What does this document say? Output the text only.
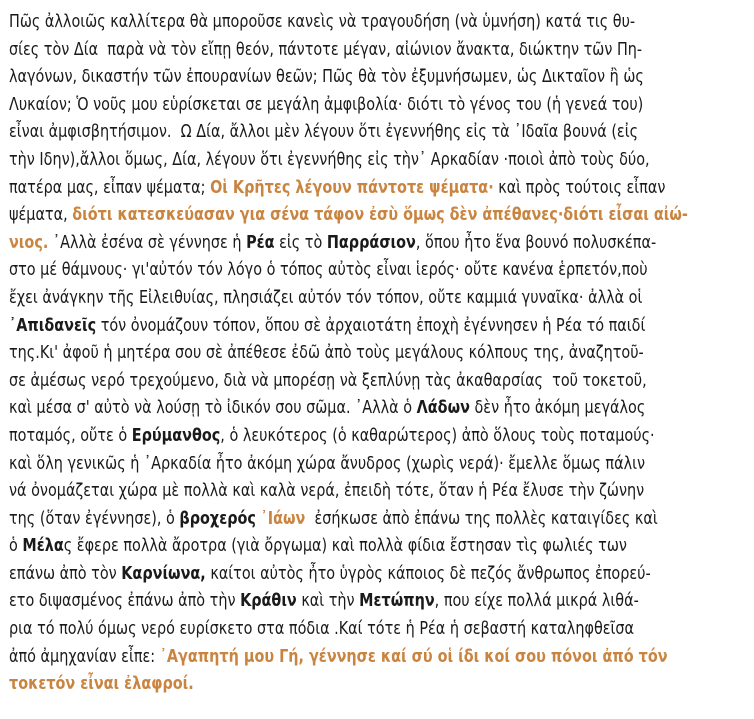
Πῶς ἀλλοιῶς καλλίτερα θὰ μποροῦσε κανεὶς νὰ τραγουδήση (νὰ ὑμνήση) κατά τις θυ-
σίες τὸν Δία  παρὰ νὰ τὸν εἴπῃ θεόν, πάντοτε μέγαν, αἰώνιον ἄνακτα, διώκτην τῶν Πη-
λαγόνων, δικαστήν τῶν ἐπουρανίων θεῶν; Πῶς θὰ τὸν ἐξυμνήσωμεν, ὡς Δικταῖον ἢ ὡς
Λυκαίον; Ὁ νοῦς μου εὑρίσκεται σε μεγάλη ἀμφιβολία· διότι τὸ γένος του (ἡ γενεά του)
εἶναι ἀμφισβητήσιμον.  Ω Δία, ἄλλοι μὲν λέγουν ὅτι ἐγεννήθης εἰς τὰ ᾽Ιδαῖα βουνά (εἰς
τὴν Ιδην),ἄλλοι ὅμως, Δία, λέγουν ὅτι ἐγεννήθης εἰς τὴν᾽ Αρκαδίαν ·ποιοὶ ἀπὸ τοὺς δύο,
πατέρα μας, εἶπαν ψέματα; Οἱ Κρῆτες λέγουν πάντοτε ψέματα· καὶ πρὸς τούτοις εἶπαν
ψέματα, διότι κατεσκεύασαν για σένα τάφον ἐσὺ ὅμως δὲν ἀπέθανες·διότι εἶσαι αἰώ-
νιος. ᾽Αλλὰ ἐσένα σὲ γέννησε ἡ Ρέα εἰς τὸ Παρράσιον, ὅπου ἦτο ἕνα βουνό πολυσκέπα-
στο μέ θάμνους· γι'αὐτόν τόν λόγο ὁ τόπος αὐτὸς εἶναι ἱερός· οὔτε κανένα ἑρπετόν,ποὺ
ἔχει ἀνάγκην τῆς Εἰλειθυίας, πλησιάζει αὐτόν τόν τόπον, οὔτε καμμιά γυναῖκα· ἀλλὰ οἱ
᾽Απιδανεῖς τόν ὀνομάζουν τόπον, ὅπου σὲ ἀρχαιοτάτη ἐποχὴ ἐγέννησεν ἡ Ρέα τό παιδί
της.Κι' ἀφοῦ ἡ μητέρα σου σὲ ἀπέθεσε ἐδῶ ἀπὸ τοὺς μεγάλους κόλπους της, ἀναζητοῦ-
σε ἀμέσως νερό τρεχούμενο, διὰ νὰ μπορέσῃ νὰ ξεπλύνῃ τὰς ἀκαθαρσίας  τοῦ τοκετοῦ,
καὶ μέσα σ' αὐτὸ νὰ λούσῃ τὸ ἰδικόν σου σῶμα. ᾽Αλλὰ ὁ Λάδων δὲν ἦτο ἀκόμη μεγάλος
ποταμός, οὔτε ὁ Ερύμανθος, ὁ λευκότερος (ὁ καθαρώτερος) ἀπὸ ὅλους τοὺς ποταμούς·
καὶ ὅλη γενικῶς ἡ ᾽Αρκαδία ἦτο ἀκόμη χώρα ἄνυδρος (χωρὶς νερά)· ἔμελλε ὅμως πάλιν
νά ὀνομάζεται χώρα μὲ πολλὰ καὶ καλὰ νερά, ἐπειδὴ τότε, ὅταν ἡ Ρέα ἔλυσε τὴν ζώνην
της (ὅταν ἐγέννησε), ὁ βροχερός ᾽Ιάων  ἐσήκωσε ἀπὸ ἐπάνω της πολλὲς καταιγίδες καὶ
ὁ Μέλας ἔφερε πολλὰ ἄροτρα (γιὰ ὄργωμα) καὶ πολλὰ φίδια ἔστησαν τὶς φωλιές των
επάνω ἀπὸ τὸν Καρνίωνα, καίτοι αὐτὸς ἦτο ὑγρὸς κάποιος δὲ πεζός ἄνθρωπος ἐπορεύ-
ετο διψασμένος ἐπάνω ἀπὸ τὴν Κράθιν καὶ τὴν Μετώπην, που είχε πολλά μικρά λιθά-
ρια τό πολύ όμως νερό ευρίσκετο στα πόδια .Καί τότε ἡ Ρέα ἡ σεβαστή καταληφθεῖσα
ἀπό ἀμηχανίαν εἶπε: ᾽Αγαπητή μου Γή, γέννησε καί σύ οἱ ίδι κοί σου πόνοι ἀπό τόν
τοκετόν εἶναι ἐλαφροί.
